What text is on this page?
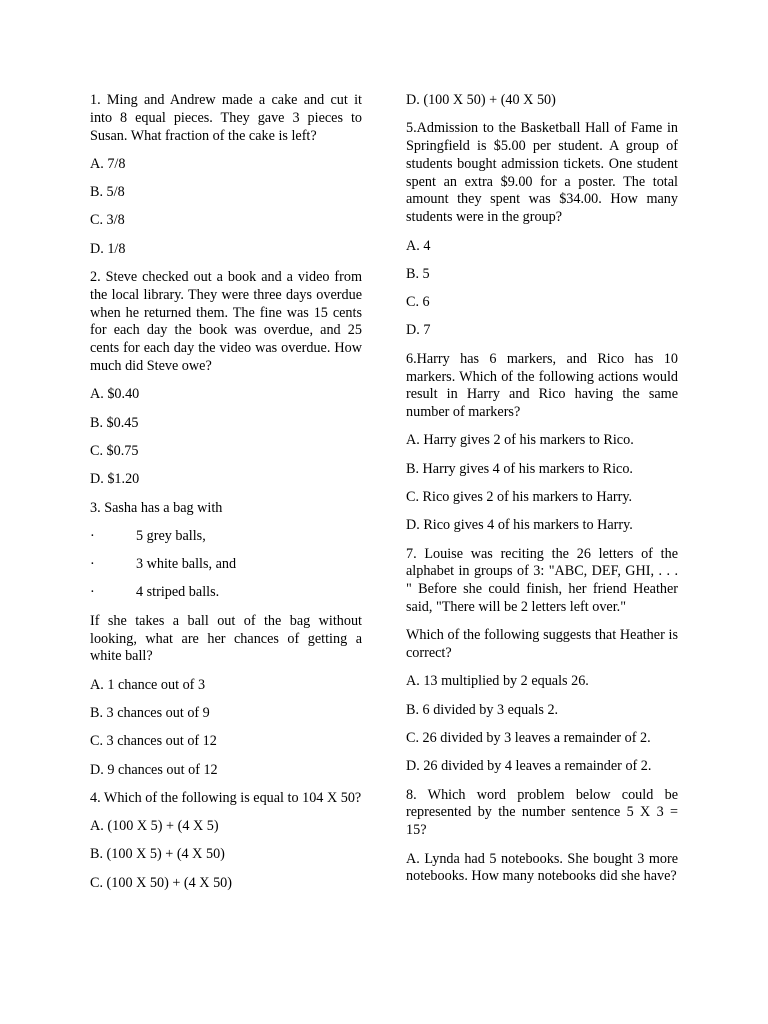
1. Ming and Andrew made a cake and cut it into 8 equal pieces. They gave 3 pieces to Susan. What fraction of the cake is left?

A. 7/8

B. 5/8

C. 3/8

D. 1/8

2. Steve checked out a book and a video from the local library. They were three days overdue when he returned them. The fine was 15 cents for each day the book was overdue, and 25 cents for each day the video was overdue. How much did Steve owe?

A. $0.40

B. $0.45

C. $0.75

D. $1.20

3. Sasha has a bag with

·	5 grey balls,
·	3 white balls, and
·	4 striped balls.

If she takes a ball out of the bag without looking, what are her chances of getting a white ball?

A. 1 chance out of 3

B. 3 chances out of 9

C. 3 chances out of 12

D. 9 chances out of 12

4. Which of the following is equal to 104 X 50?

A. (100 X 5) + (4 X 5)

B. (100 X 5) + (4 X 50)

C. (100 X 50) + (4 X 50)

D. (100 X 50) + (40 X 50)

5.Admission to the Basketball Hall of Fame in Springfield is $5.00 per student. A group of students bought admission tickets. One student spent an extra $9.00 for a poster. The total amount they spent was $34.00. How many students were in the group?

A. 4

B. 5

C. 6

D. 7

6.Harry has 6 markers, and Rico has 10 markers. Which of the following actions would result in Harry and Rico having the same number of markers?

A. Harry gives 2 of his markers to Rico.

B. Harry gives 4 of his markers to Rico.

C. Rico gives 2 of his markers to Harry.

D. Rico gives 4 of his markers to Harry.

7. Louise was reciting the 26 letters of the alphabet in groups of 3: "ABC, DEF, GHI, . . . " Before she could finish, her friend Heather said, "There will be 2 letters left over."

Which of the following suggests that Heather is correct?

A. 13 multiplied by 2 equals 26.

B. 6 divided by 3 equals 2.

C. 26 divided by 3 leaves a remainder of 2.

D. 26 divided by 4 leaves a remainder of 2.

8. Which word problem below could be represented by the number sentence 5 X 3 = 15?

A. Lynda had 5 notebooks. She bought 3 more notebooks. How many notebooks did she have?
